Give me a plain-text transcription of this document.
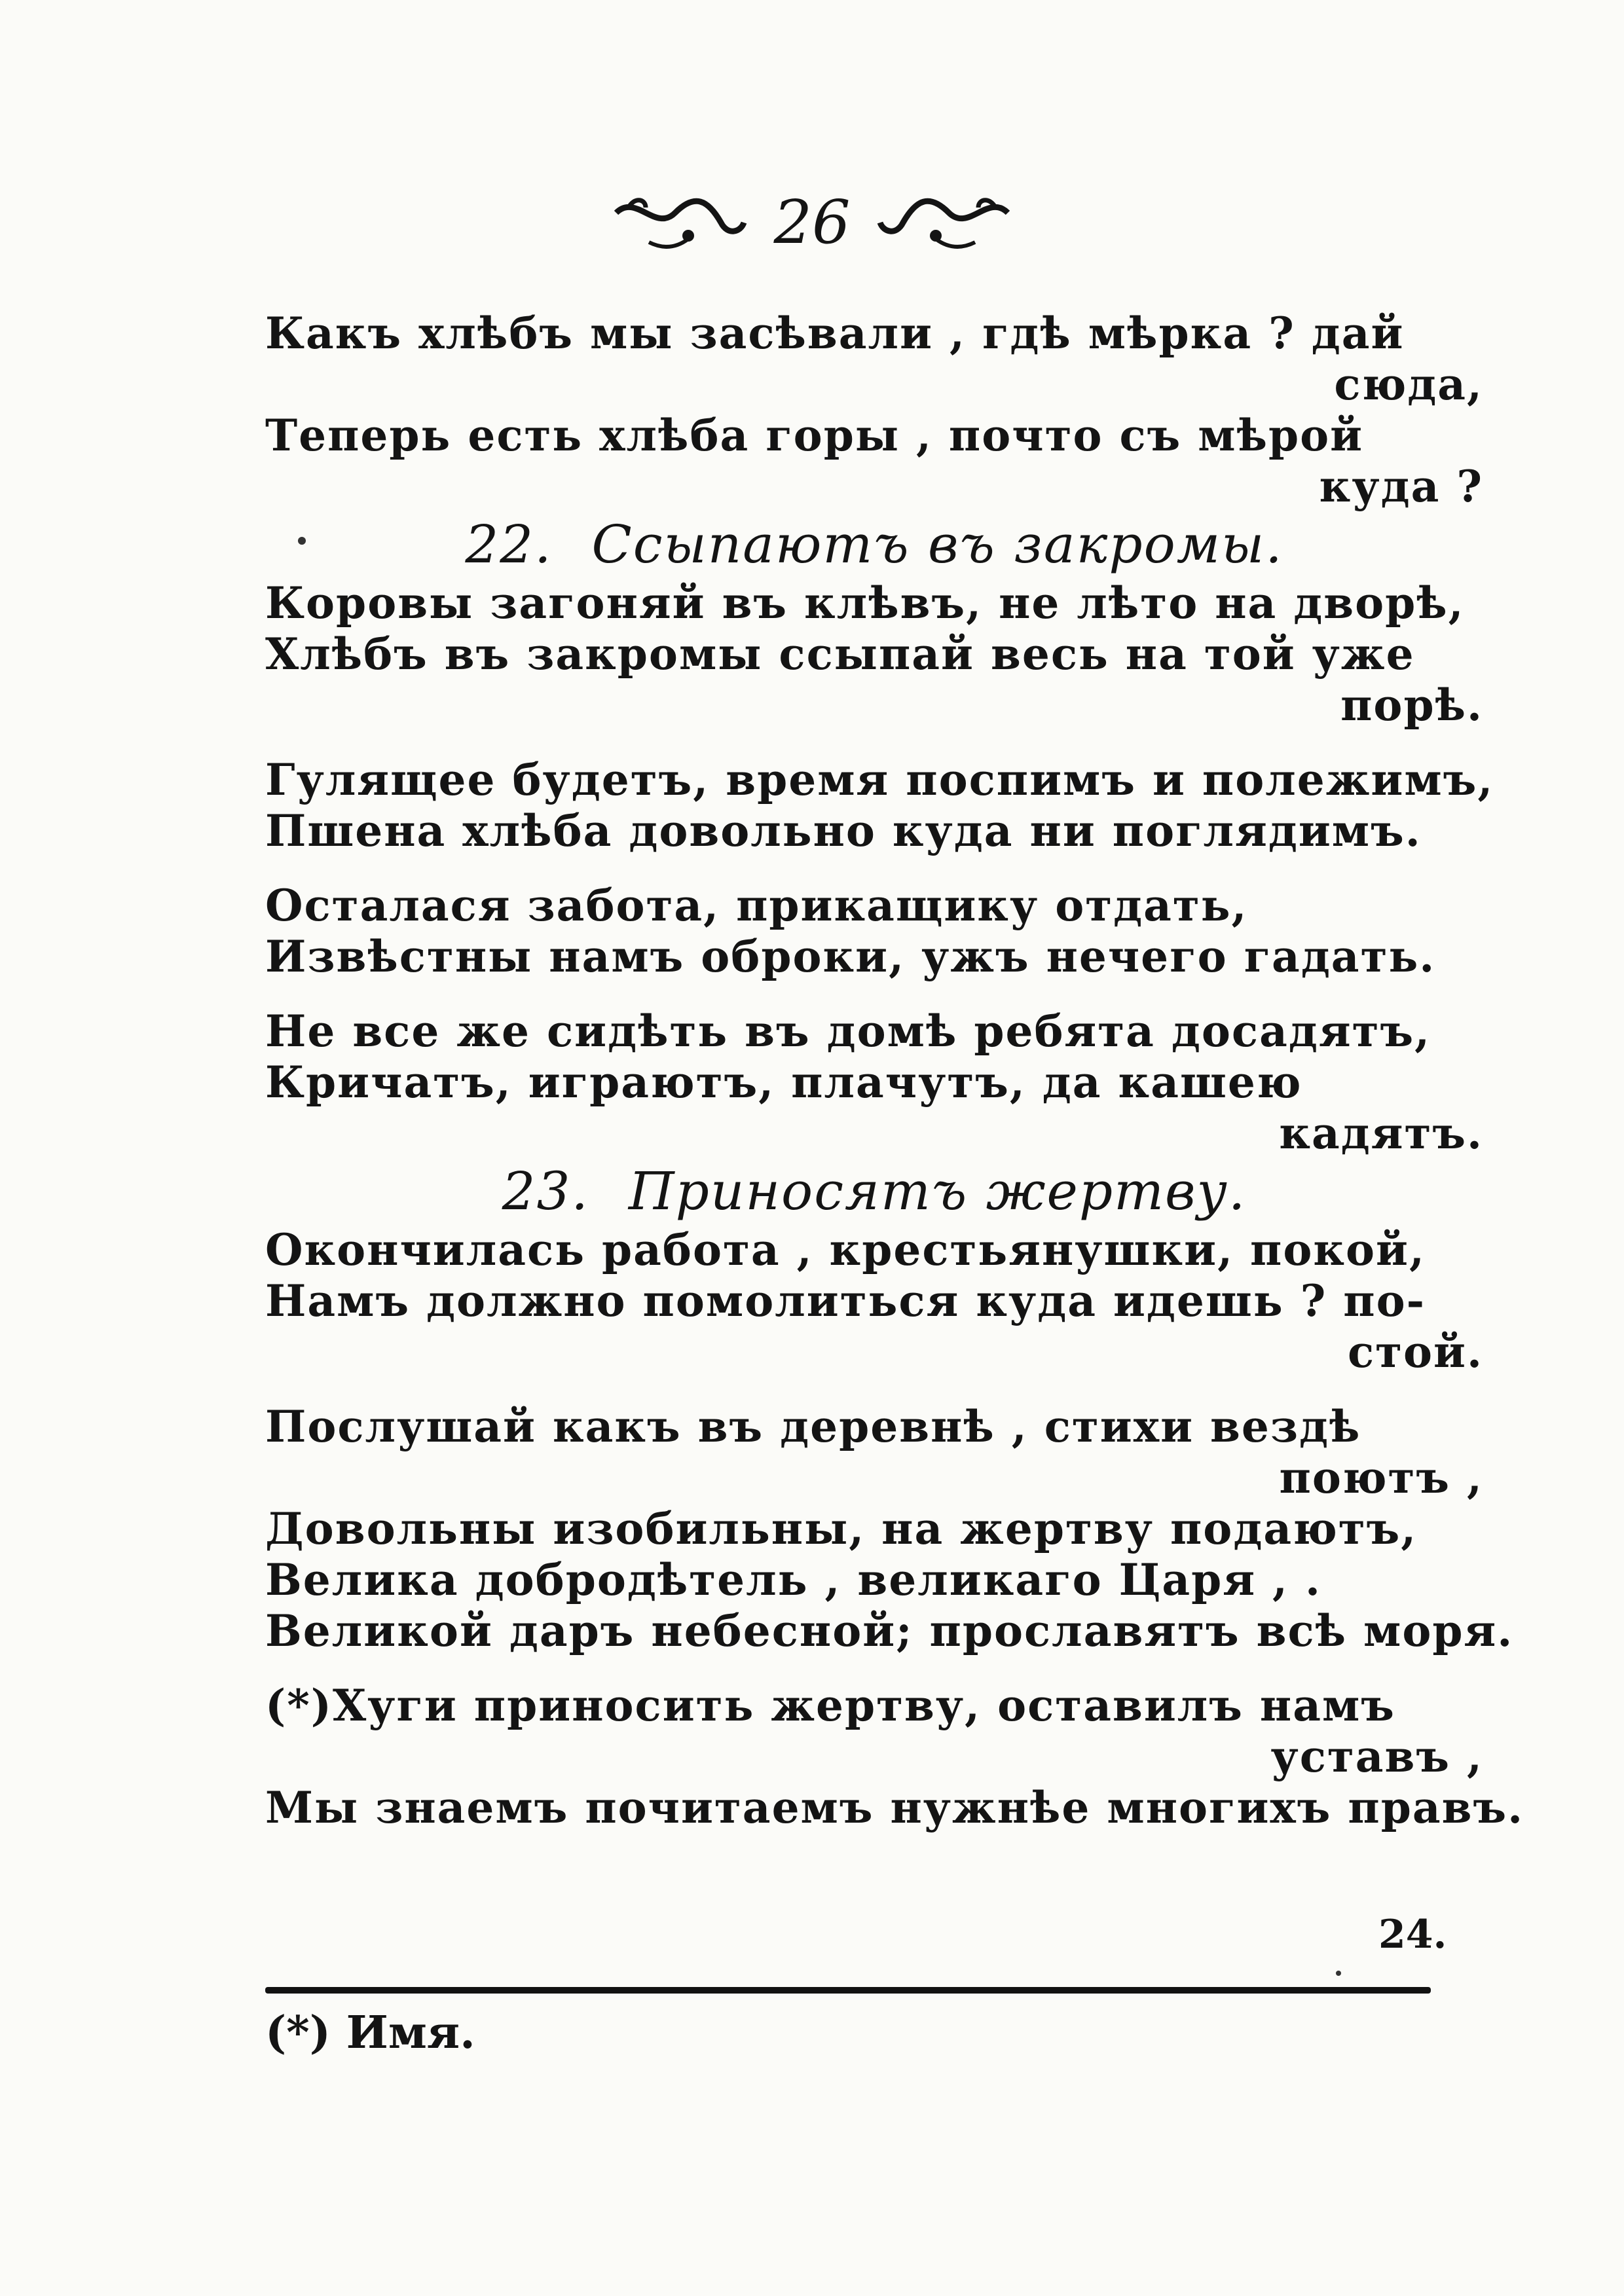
26
Какъ хлѣбъ мы засѣвали , гдѣ мѣрка ? дай
сюда,
Теперь есть хлѣба горы , почто съ мѣрой
куда ?
22. Ссыпаютъ въ закромы.
Коровы загоняй въ клѣвъ, не лѣто на дворѣ,
Хлѣбъ въ закромы ссыпай весь на той уже
порѣ.
Гулящее будетъ, время поспимъ и полежимъ,
Пшена хлѣба довольно куда ни поглядимъ.
Осталася забота, прикащику отдать,
Извѣстны намъ оброки, ужъ нечего гадать.
Не все же сидѣть въ домѣ ребята досадятъ,
Кричатъ, играютъ, плачутъ, да кашею
кадятъ.
23. Приносятъ жертву.
Окончилась работа , крестьянушки, покой,
Намъ должно помолиться куда идешь ? по-
стой.
Послушай какъ въ деревнѣ , стихи вездѣ
поютъ ,
Довольны изобильны, на жертву подаютъ,
Велика добродѣтель , великаго Царя , .
Великой даръ небесной; прославятъ всѣ моря.
(*)Хуги приносить жертву, оставилъ намъ
уставъ ,
Мы знаемъ почитаемъ нужнѣе многихъ правъ.
24.
(*) Имя.
